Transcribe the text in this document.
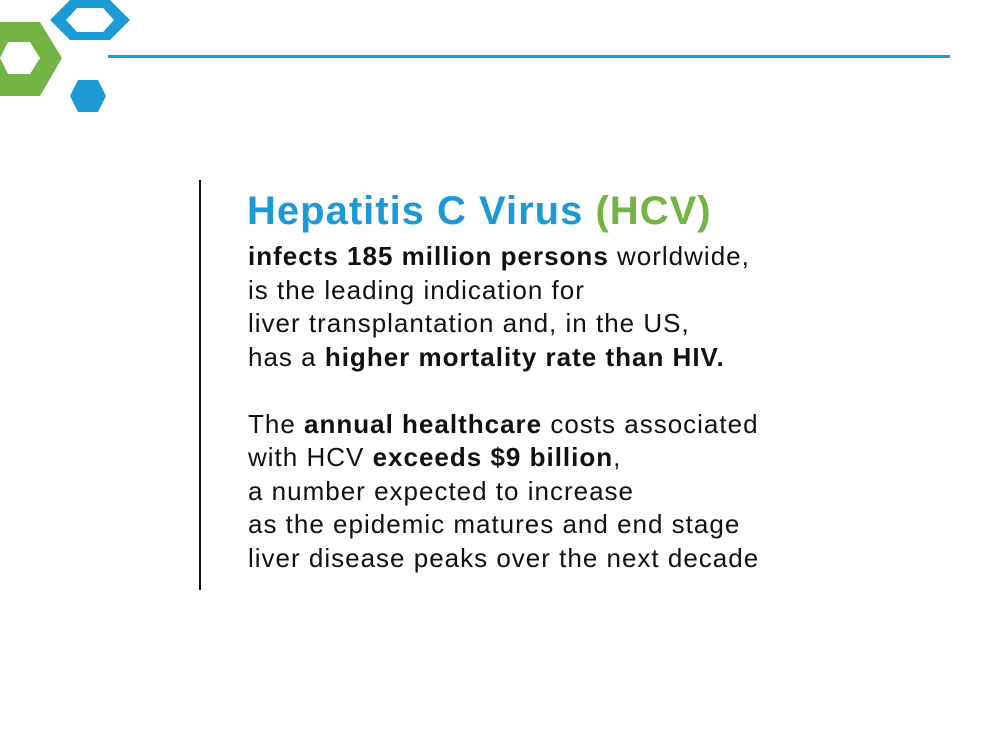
Hepatitis C Virus (HCV)
infects 185 million persons worldwide,
is the leading indication for
liver transplantation and, in the US,
has a higher mortality rate than HIV.
The annual healthcare costs associated
with HCV exceeds $9 billion,
a number expected to increase
as the epidemic matures and end stage
liver disease peaks over the next decade
